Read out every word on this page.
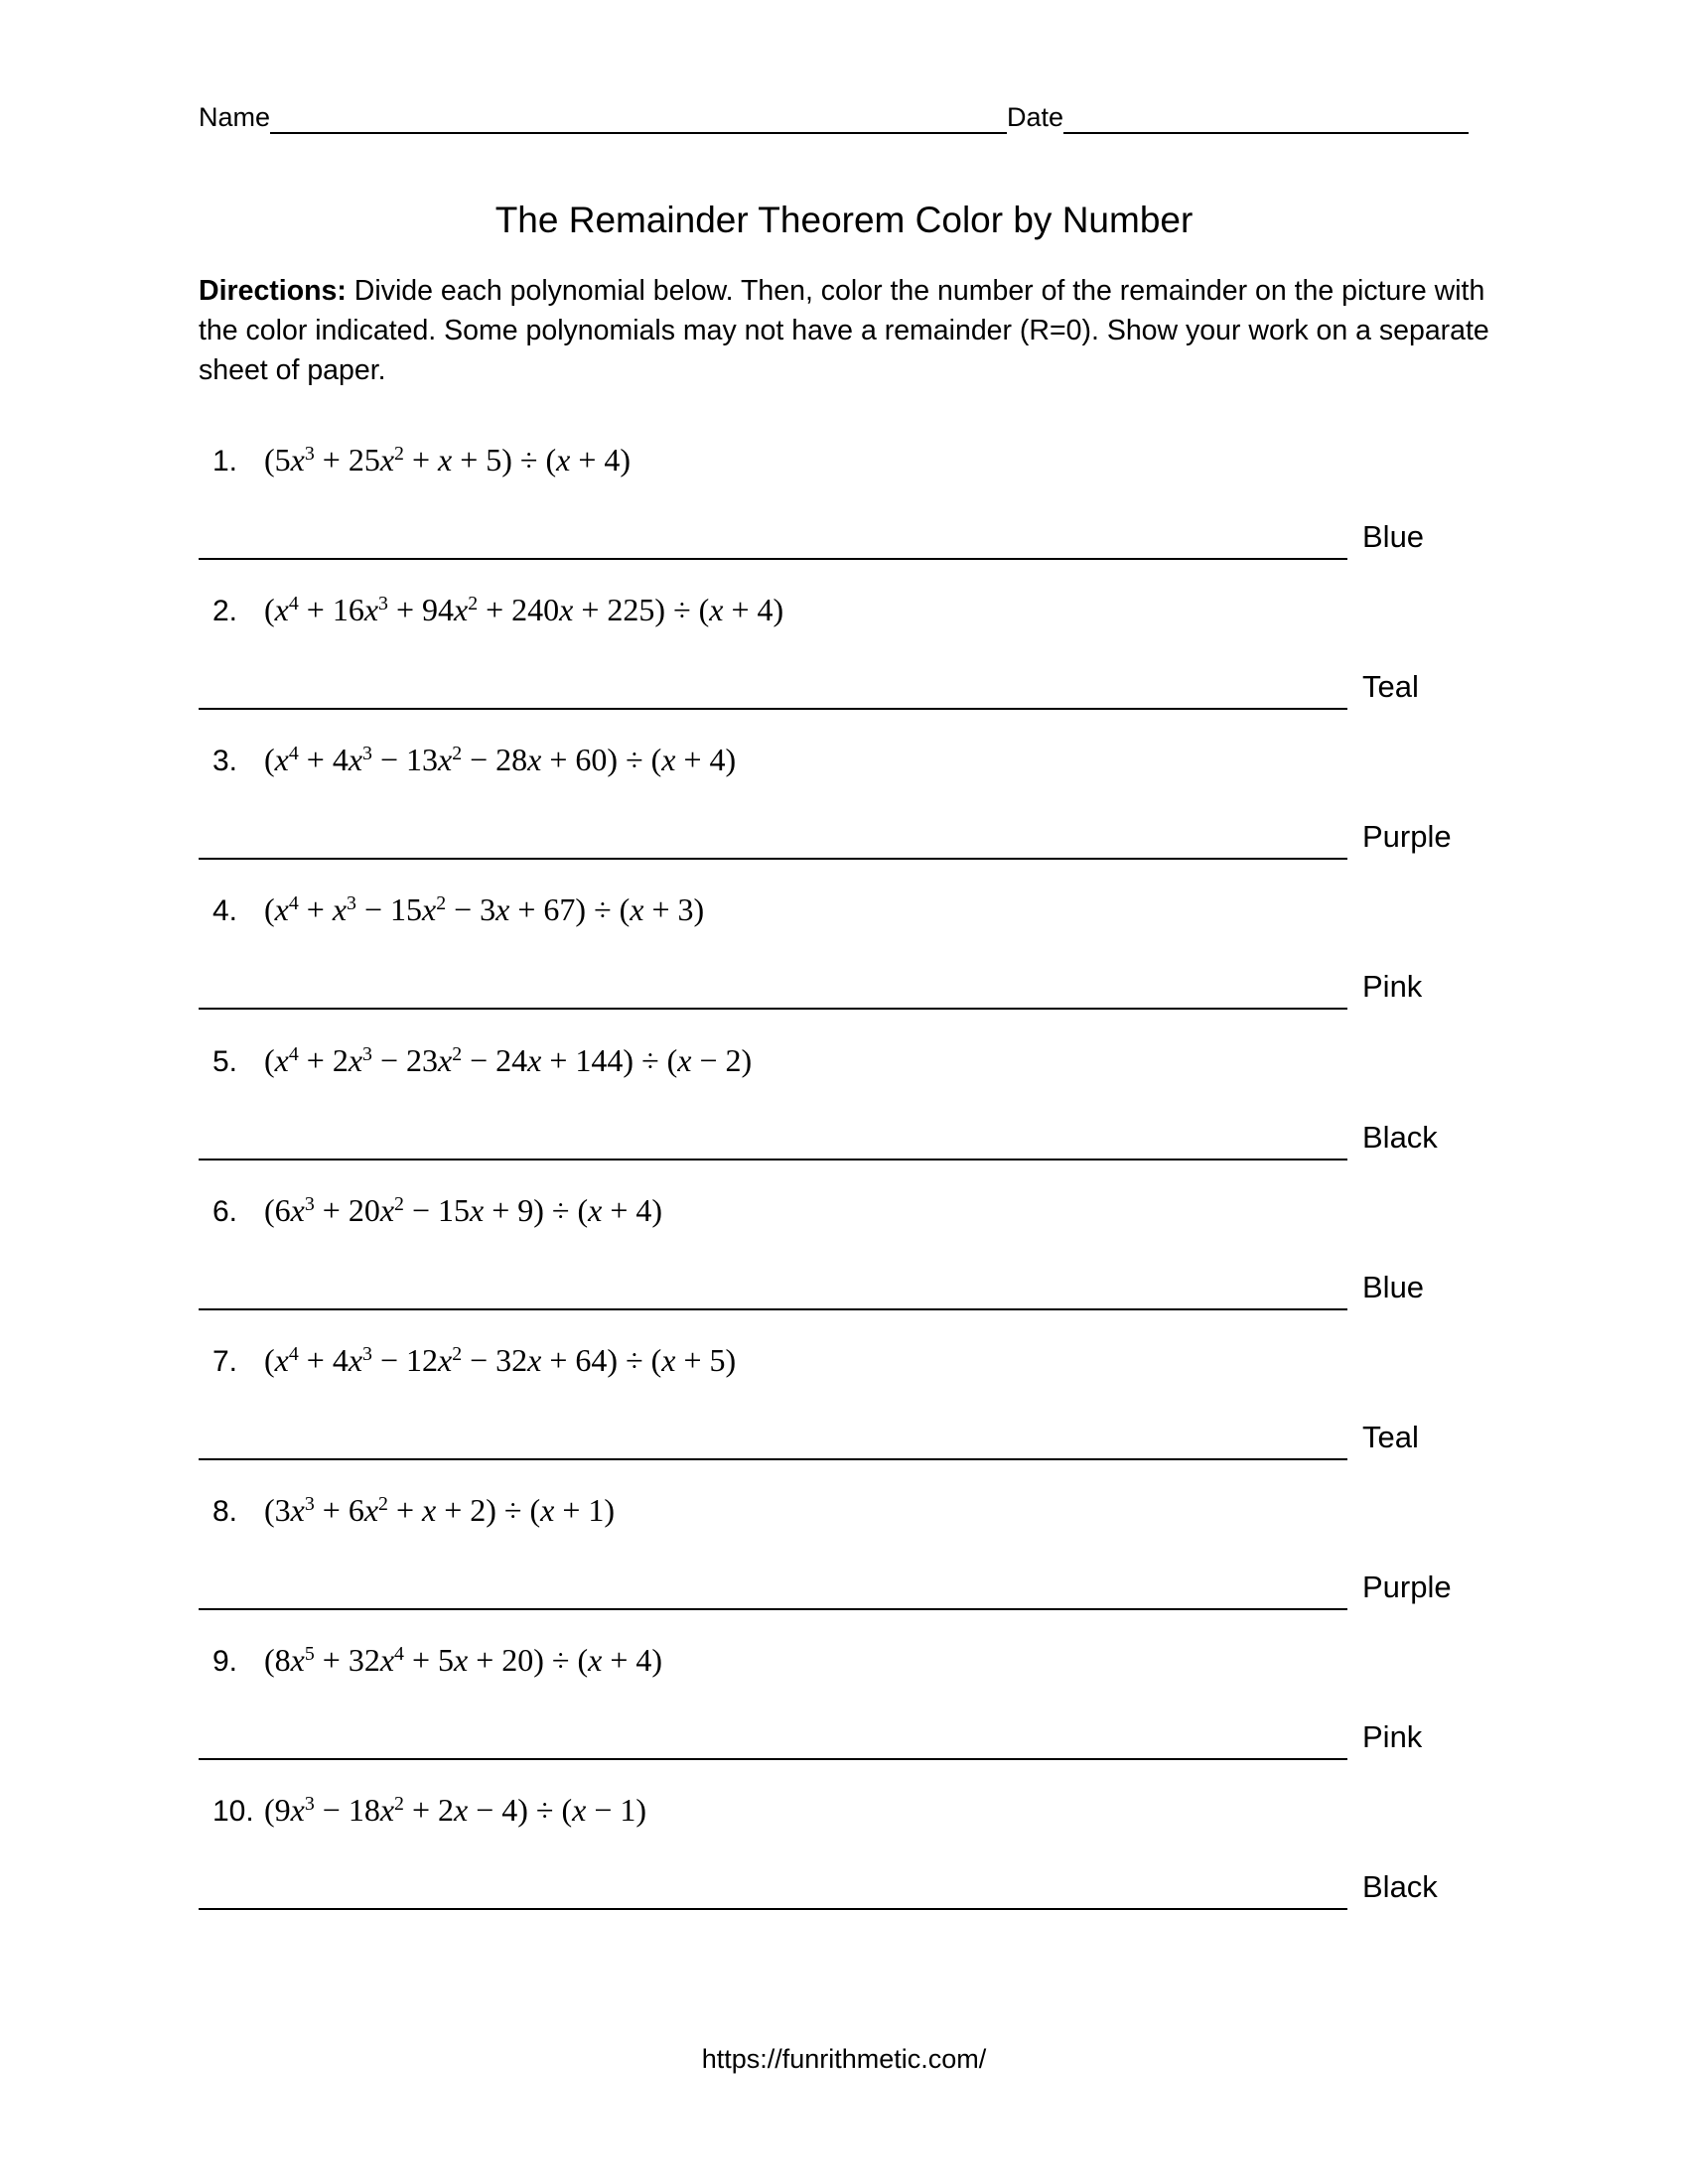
Name	Date
The Remainder Theorem Color by Number
Directions: Divide each polynomial below. Then, color the number of the remainder on the picture with the color indicated. Some polynomials may not have a remainder (R=0). Show your work on a separate sheet of paper.
1. $(5x^3 + 25x^2 + x + 5) \div (x + 4)$
Blue
2. $(x^4 + 16x^3 + 94x^2 + 240x + 225) \div (x + 4)$
Teal
3. $(x^4 + 4x^3 - 13x^2 - 28x + 60) \div (x + 4)$
Purple
4. $(x^4 + x^3 - 15x^2 - 3x + 67) \div (x + 3)$
Pink
5. $(x^4 + 2x^3 - 23x^2 - 24x + 144) \div (x - 2)$
Black
6. $(6x^3 + 20x^2 - 15x + 9) \div (x + 4)$
Blue
7. $(x^4 + 4x^3 - 12x^2 - 32x + 64) \div (x + 5)$
Teal
8. $(3x^3 + 6x^2 + x + 2) \div (x + 1)$
Purple
9. $(8x^5 + 32x^4 + 5x + 20) \div (x + 4)$
Pink
10. $(9x^3 - 18x^2 + 2x - 4) \div (x - 1)$
Black
https://funrithmetic.com/
